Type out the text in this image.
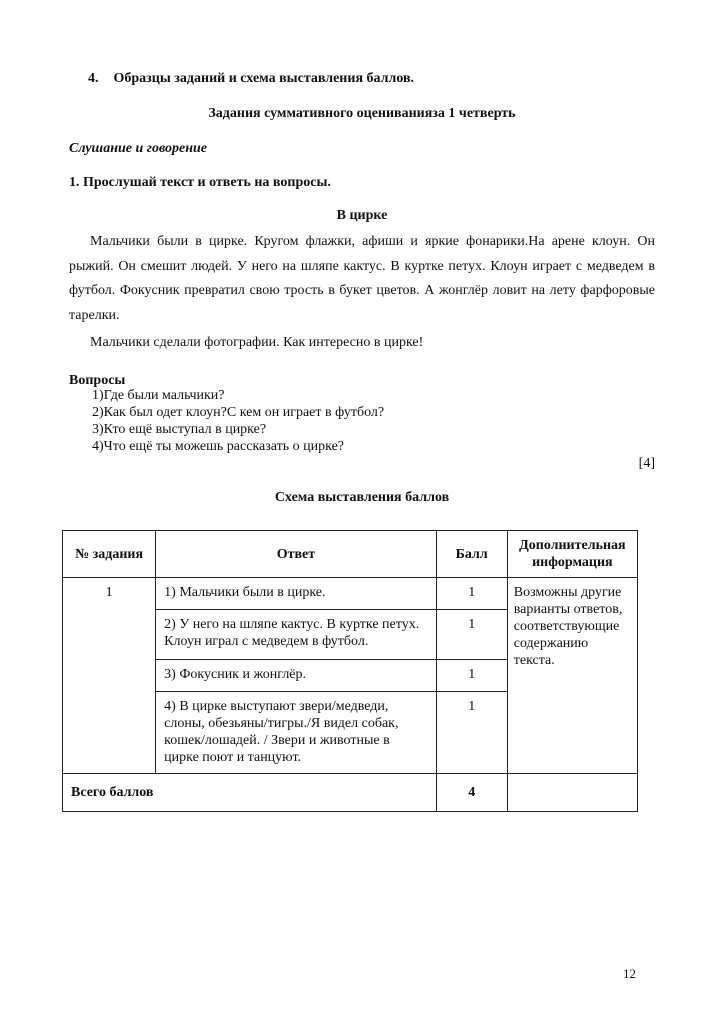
4. Образцы заданий и схема выставления баллов.
Задания суммативного оцениванияза 1 четверть
Слушание и говорение
1. Прослушай текст и ответь на вопросы.
В цирке

Мальчики были в цирке. Кругом флажки, афиши и яркие фонарики.На арене клоун. Он рыжий. Он смешит людей. У него на шляпе кактус. В куртке петух. Клоун играет с медведем в футбол. Фокусник превратил свою трость в букет цветов. А жонглёр ловит на лету фарфоровые тарелки.

Мальчики сделали фотографии. Как интересно в цирке!

Вопросы
1)Где были мальчики?
2)Как был одет клоун?С кем он играет в футбол?
3)Кто ещё выступал в цирке?
4)Что ещё ты можешь рассказать о цирке?
[4]
Схема выставления баллов
№ задания	Ответ	Балл	Дополнительная информация
1	1) Мальчики были в цирке.	1	Возможны другие варианты ответов, соответствующие содержанию текста.
	2) У него на шляпе кактус. В куртке петух. Клоун играл с медведем в футбол.	1	
	3) Фокусник и жонглёр.	1	
	4) В цирке выступают звери/медведи, слоны, обезьяны/тигры./Я видел собак, кошек/лошадей. / Звери и животные в цирке поют и танцуют.	1	
Всего баллов		4	
12
